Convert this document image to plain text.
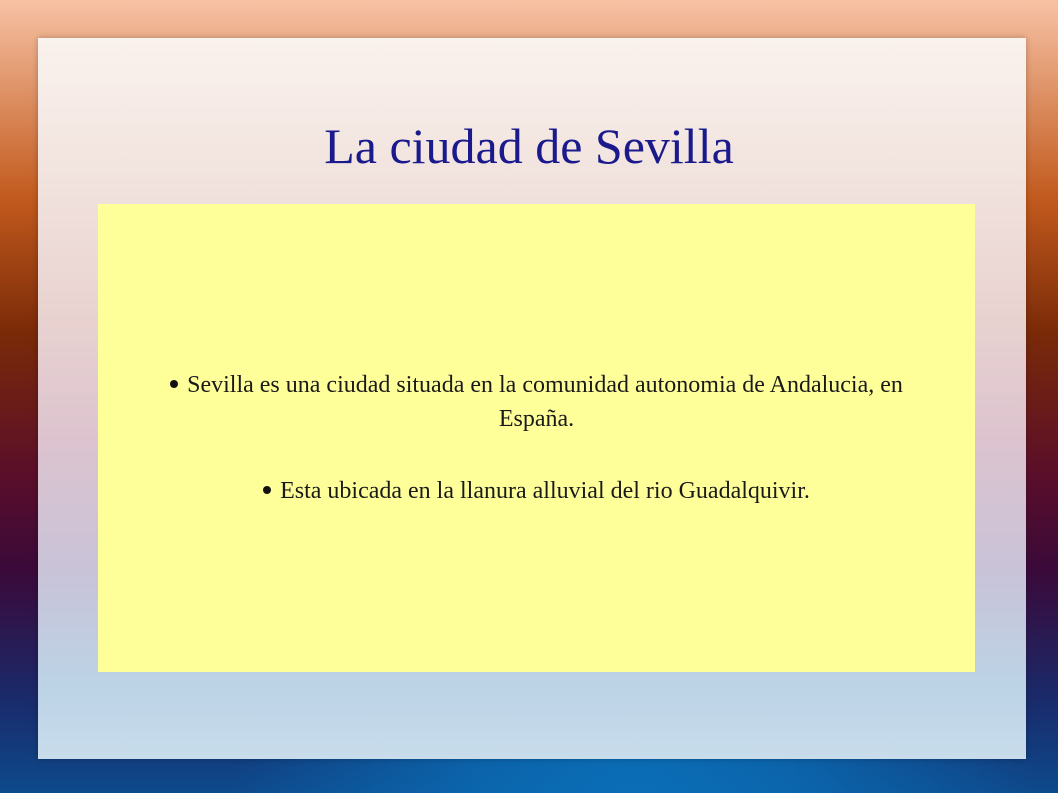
La ciudad de Sevilla
Sevilla es una ciudad situada en la comunidad autonomia de Andalucia, en España.
Esta ubicada en la llanura alluvial del rio Guadalquivir.
